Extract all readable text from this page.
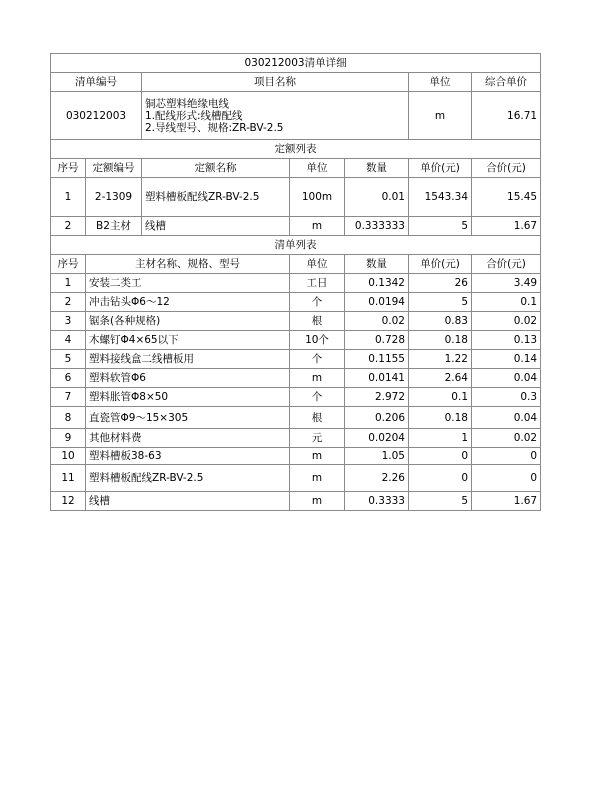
030212003清单详细						
清单编号		项目名称			单位	综合单价
030212003		铜芯塑料绝缘电线
1.配线形式:线槽配线
2.导线型号、规格:ZR-BV-2.5			m	16.71
定额列表						
序号	定额编号	定额名称	单位	数量	单价(元)	合价(元)
1	2-1309	塑料槽板配线ZR-BV-2.5	100m	0.01	1543.34	15.45
2	B2主材	线槽	m	0.333333	5	1.67
清单列表						
序号	主材名称、规格、型号		单位	数量	单价(元)	合价(元)
1	安装二类工		工日	0.1342	26	3.49
2	冲击钻头Φ6～12		个	0.0194	5	0.1
3	锯条(各种规格)		根	0.02	0.83	0.02
4	木螺钉Φ4×65以下		10个	0.728	0.18	0.13
5	塑料接线盒二线槽板用		个	0.1155	1.22	0.14
6	塑料软管Φ6		m	0.0141	2.64	0.04
7	塑料胀管Φ8×50		个	2.972	0.1	0.3
8	直瓷管Φ9～15×305		根	0.206	0.18	0.04
9	其他材料费		元	0.0204	1	0.02
10	塑料槽板38-63		m	1.05	0	0
11	塑料槽板配线ZR-BV-2.5		m	2.26	0	0
12	线槽		m	0.3333	5	1.67
